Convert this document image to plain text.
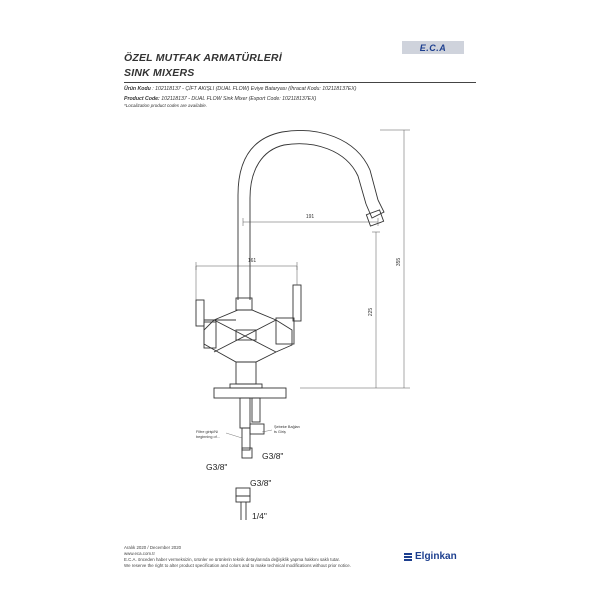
ÖZEL MUTFAK ARMATÜRLERİ
SINK MIXERS
E.C.A
Ürün Kodu : 102118137 - ÇİFT AKIŞLI (DUAL FLOW) Eviye Bataryası (İhracat Kodu: 102118137EX)
Product Code: 102118137 - DUAL FLOW Sink Mixer (Export Code: 102118137EX)
*Localization product codes are available.
191
161	355
225
Filtre girişi/Ni
beginning of...
Şebeke Bağlan
ts Giriş
G3/8"
G3/8"
G3/8"
1/4"
Aralık 2020 / December 2020
www.eca.com.tr
E.C.A. önceden haber vermeksizin, ürünler ve ürünlerin teknik detaylarında değişiklik yapma hakkını saklı tutar.
We reserve the right to alter product specification and colors and to make technical modifications without prior notice.
Elginkan
